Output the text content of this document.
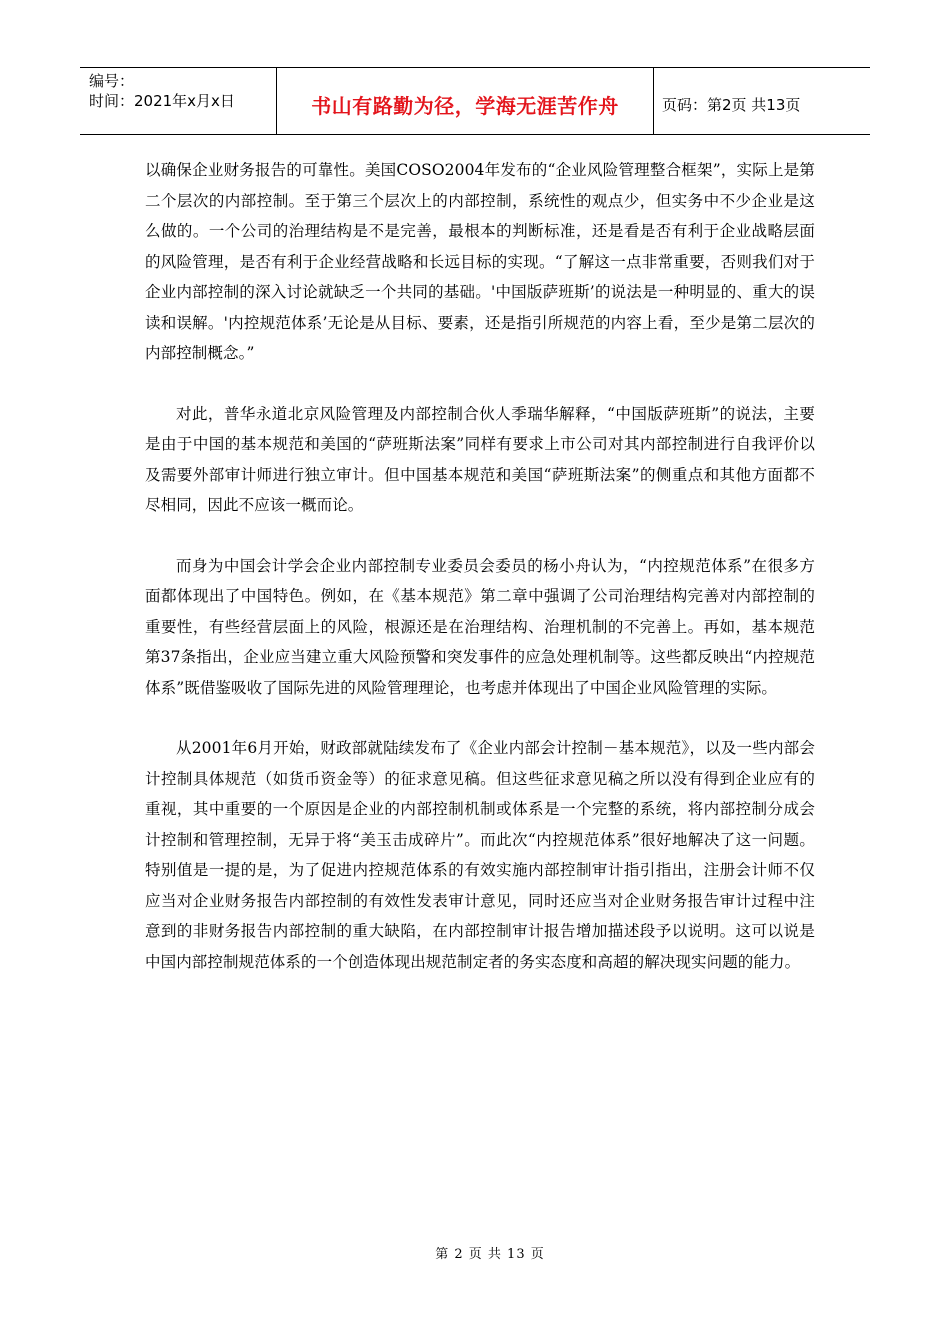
编号：
时间：2021年x月x日	书山有路勤为径，学海无涯苦作舟	页码：第2页 共13页

以确保企业财务报告的可靠性。美国COSO2004年发布的“企业风险管理整合框架”，实际上是第二个层次的内部控制。至于第三个层次上的内部控制，系统性的观点少，但实务中不少企业是这么做的。一个公司的治理结构是不是完善，最根本的判断标准，还是看是否有利于企业战略层面的风险管理，是否有利于企业经营战略和长远目标的实现。“了解这一点非常重要，否则我们对于企业内部控制的深入讨论就缺乏一个共同的基础。'中国版萨班斯’的说法是一种明显的、重大的误读和误解。'内控规范体系’无论是从目标、要素，还是指引所规范的内容上看，至少是第二层次的内部控制概念。”

对此，普华永道北京风险管理及内部控制合伙人季瑞华解释，“中国版萨班斯”的说法，主要是由于中国的基本规范和美国的“萨班斯法案”同样有要求上市公司对其内部控制进行自我评价以及需要外部审计师进行独立审计。但中国基本规范和美国“萨班斯法案”的侧重点和其他方面都不尽相同，因此不应该一概而论。

而身为中国会计学会企业内部控制专业委员会委员的杨小舟认为，“内控规范体系”在很多方面都体现出了中国特色。例如，在《基本规范》第二章中强调了公司治理结构完善对内部控制的重要性，有些经营层面上的风险，根源还是在治理结构、治理机制的不完善上。再如，基本规范第37条指出，企业应当建立重大风险预警和突发事件的应急处理机制等。这些都反映出“内控规范体系”既借鉴吸收了国际先进的风险管理理论，也考虑并体现出了中国企业风险管理的实际。

从2001年6月开始，财政部就陆续发布了《企业内部会计控制－基本规范》，以及一些内部会计控制具体规范（如货币资金等）的征求意见稿。但这些征求意见稿之所以没有得到企业应有的重视，其中重要的一个原因是企业的内部控制机制或体系是一个完整的系统，将内部控制分成会计控制和管理控制，无异于将“美玉击成碎片”。而此次“内控规范体系”很好地解决了这一问题。特别值是一提的是，为了促进内控规范体系的有效实施内部控制审计指引指出，注册会计师不仅应当对企业财务报告内部控制的有效性发表审计意见，同时还应当对企业财务报告审计过程中注意到的非财务报告内部控制的重大缺陷，在内部控制审计报告增加描述段予以说明。这可以说是中国内部控制规范体系的一个创造体现出规范制定者的务实态度和高超的解决现实问题的能力。

第 2 页 共 13 页
